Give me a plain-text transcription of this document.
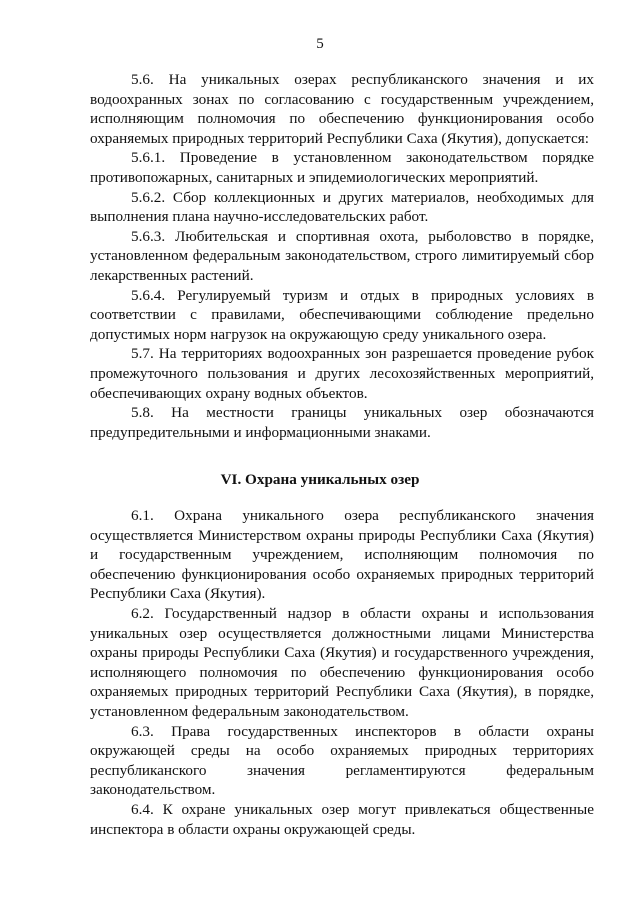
5

5.6. На уникальных озерах республиканского значения и их водоохранных зонах по согласованию с государственным учреждением, исполняющим полномочия по обеспечению функционирования особо охраняемых природных территорий Республики Саха (Якутия), допускается:

5.6.1. Проведение в установленном законодательством порядке противопожарных, санитарных и эпидемиологических мероприятий.

5.6.2. Сбор коллекционных и других материалов, необходимых для выполнения плана научно-исследовательских работ.

5.6.3. Любительская и спортивная охота, рыболовство в порядке, установленном федеральным законодательством, строго лимитируемый сбор лекарственных растений.

5.6.4. Регулируемый туризм и отдых в природных условиях в соответствии с правилами, обеспечивающими соблюдение предельно допустимых норм нагрузок на окружающую среду уникального озера.

5.7. На территориях водоохранных зон разрешается проведение рубок промежуточного пользования и других лесохозяйственных мероприятий, обеспечивающих охрану водных объектов.

5.8. На местности границы уникальных озер обозначаются предупредительными и информационными знаками.

VI. Охрана уникальных озер

6.1. Охрана уникального озера республиканского значения осуществляется Министерством охраны природы Республики Саха (Якутия) и государственным учреждением, исполняющим полномочия по обеспечению функционирования особо охраняемых природных территорий Республики Саха (Якутия).

6.2. Государственный надзор в области охраны и использования уникальных озер осуществляется должностными лицами Министерства охраны природы Республики Саха (Якутия) и государственного учреждения, исполняющего полномочия по обеспечению функционирования особо охраняемых природных территорий Республики Саха (Якутия), в порядке, установленном федеральным законодательством.

6.3. Права государственных инспекторов в области охраны окружающей среды на особо охраняемых природных территориях республиканского значения регламентируются федеральным законодательством.

6.4. К охране уникальных озер могут привлекаться общественные инспектора в области охраны окружающей среды.
